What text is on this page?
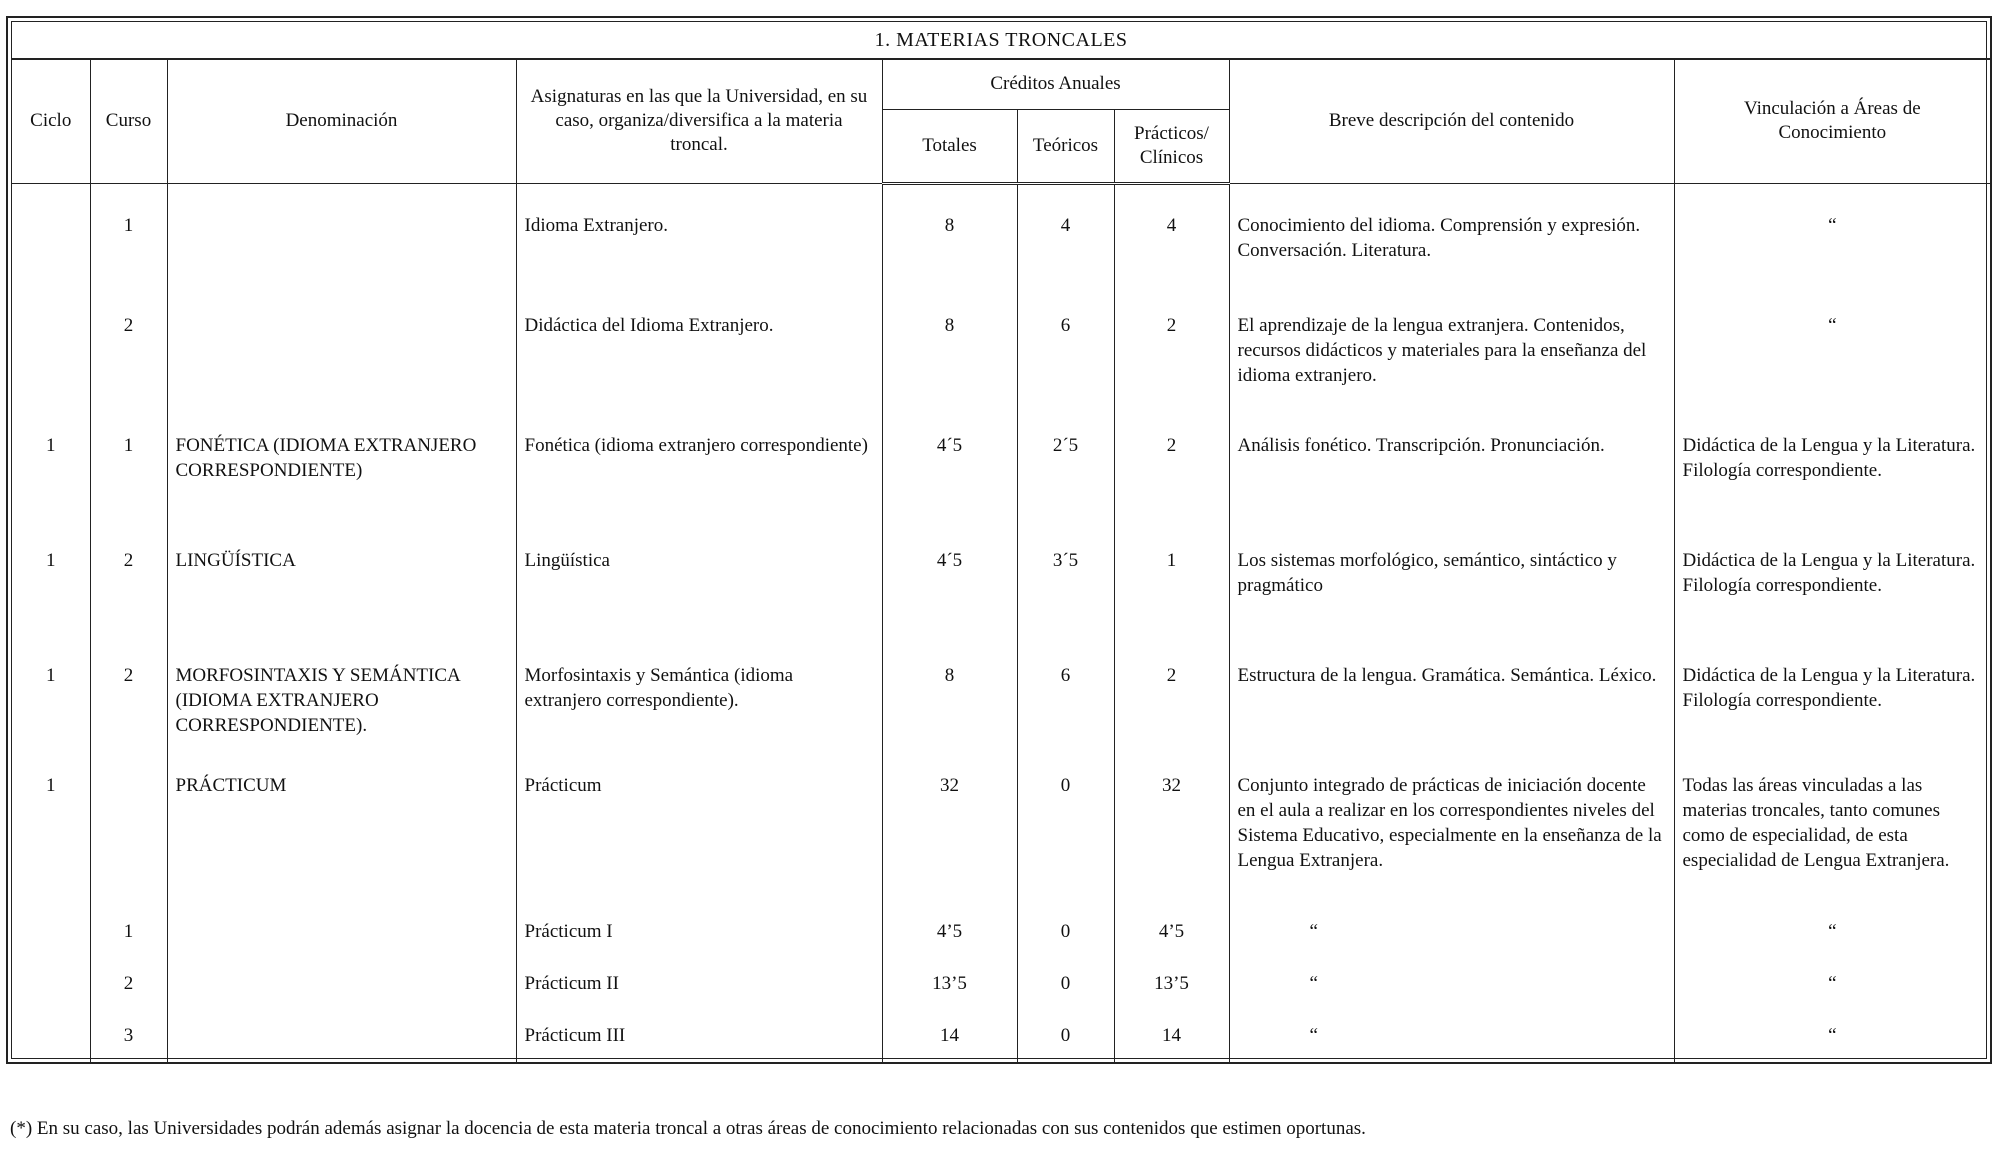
1. MATERIAS TRONCALES								
Ciclo	Curso	Denominación	Asignaturas en las que la Universidad, en su caso, organiza/diversifica a la materia troncal.	Créditos Anuales			Breve descripción del contenido	Vinculación a Áreas de Conocimiento
				Totales	Teóricos	Prácticos/ Clínicos		

	1		Idioma Extranjero.	8	4	4	Conocimiento del idioma. Comprensión y expresión. Conversación. Literatura.	“
	2		Didáctica del Idioma Extranjero.	8	6	2	El aprendizaje de la lengua extranjera. Contenidos, recursos didácticos y materiales para la enseñanza del idioma extranjero.	“
1	1	FONÉTICA (IDIOMA EXTRANJERO CORRESPONDIENTE)	Fonética (idioma extranjero correspondiente)	4´5	2´5	2	Análisis fonético. Transcripción. Pronunciación.	Didáctica de la Lengua y la Literatura. Filología correspondiente.
1	2	LINGÜÍSTICA	Lingüística	4´5	3´5	1	Los sistemas morfológico, semántico, sintáctico y pragmático	Didáctica de la Lengua y la Literatura. Filología correspondiente.
1	2	MORFOSINTAXIS Y SEMÁNTICA (IDIOMA EXTRANJERO CORRESPONDIENTE).	Morfosintaxis y Semántica (idioma extranjero correspondiente).	8	6	2	Estructura de la lengua. Gramática. Semántica. Léxico.	Didáctica de la Lengua y la Literatura. Filología correspondiente.
1		PRÁCTICUM	Prácticum	32	0	32	Conjunto integrado de prácticas de iniciación docente en el aula a realizar en los correspondientes niveles del Sistema Educativo, especialmente en la enseñanza de la Lengua Extranjera.	Todas las áreas vinculadas a las materias troncales, tanto comunes como de especialidad, de esta especialidad de Lengua Extranjera.
	1		Prácticum I	4’5	0	4’5	“	“
	2		Prácticum II	13’5	0	13’5	“	“
	3		Prácticum III	14	0	14	“	“
(*) En su caso, las Universidades podrán además asignar la docencia de esta materia troncal a otras áreas de conocimiento relacionadas con sus contenidos que estimen oportunas.
